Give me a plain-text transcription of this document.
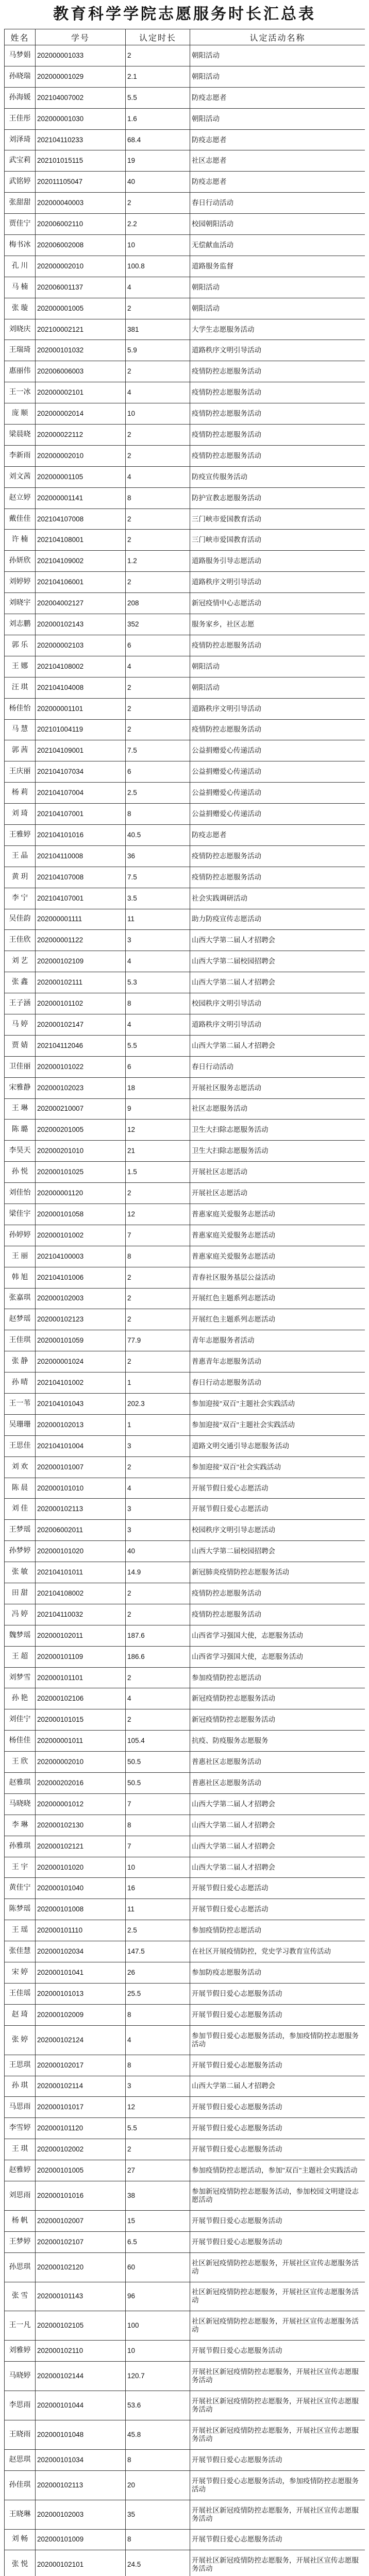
教育科学学院志愿服务时长汇总表
姓名	学号	认定时长	认定活动名称
马梦娟	202000001033	2	朝阳活动
孙晓瑞	202000001029	2.1	朝阳活动
孙海媛	202104007002	5.5	防疫志愿者
王佳彤	202000001030	1.6	朝阳活动
刘泽琦	202104110233	68.4	防疫志愿者
武宝莉	202101015115	19	社区志愿者
武铭婷	202011105047	40	防疫志愿者
张甜甜	202000040003	2	春日行动活动
贾佳宁	202006002110	2.2	校园朝阳活动
梅书冰	202006002008	10	无偿献血活动
孔 川	202000002010	100.8	道路服务监督
马 楠	202006001137	4	朝阳活动
张 璇	202000001005	2	朝阳活动
刘晓庆	202100002121	381	大学生志愿服务活动
王瑞琦	202000101032	5.9	道路秩序文明引导活动
惠丽伟	202006006003	2	疫情防控志愿服务活动
王一冰	202000002101	4	疫情防控志愿服务活动
庞 顺	202000002014	10	疫情防控志愿服务活动
梁晨晓	202000022112	2	疫情防控志愿服务活动
李新雨	202000002010	2	疫情防控志愿服务活动
刘文茜	202000001105	4	防疫宣传服务活动
赵立婷	202000001141	8	防护宣教志愿服务活动
戴佳佳	202104107008	2	三门峡市爱国教育活动
许 楠	202104108001	2	三门峡市爱国教育活动
孙妍欣	202104109002	1.2	道路服务引导志愿活动
刘婷婷	202104106001	2	道路秩序文明引导活动
刘晓宇	202004002127	208	新冠疫情中心志愿活动
刘志鹏	202000102143	352	服务家乡，社区志愿
郭 乐	202000002103	6	疫情防控志愿服务活动
王 娜	202104108002	4	朝阳活动
汪 琪	202104104008	2	朝阳活动
杨佳怡	202000001101	2	道路秩序文明引导活动
马 慧	202101004119	2	疫情防控志愿服务活动
郭 茜	202104109001	7.5	公益捐赠爱心传递活动
王庆丽	202104107034	6	公益捐赠爱心传递活动
杨 莉	202104107004	2.5	公益捐赠爱心传递活动
刘 琦	202104107001	8	公益捐赠爱心传递活动
王雅婷	202104101016	40.5	防疫志愿者
王 晶	202104110008	36	疫情防控志愿服务活动
黄 玥	202104107008	7.5	疫情防控志愿服务活动
李 宁	202104107001	3.5	社会实践调研活动
吴佳韵	202000001111	11	助力防疫宣传志愿活动
王佳欣	202000001122	3	山西大学第二届人才招聘会
刘 艺	202000102109	4	山西大学第二届校园招聘会
张 鑫	202000102111	5.3	山西大学第二届人才招聘会
王子涵	202000101102	8	校园秩序文明引导活动
马 婷	202000102147	4	道路秩序文明引导活动
贾 婧	202104112046	5.5	山西大学第二届人才招聘会
卫佳丽	202000101022	6	春日行动活动
宋雅静	202000102023	18	开展社区服务志愿活动
王 琳	202000210007	9	社区志愿服务活动
陈 璐	202000201005	12	卫生大扫除志愿服务活动
李昊天	202000201010	21	卫生大扫除志愿服务活动
孙 悦	202000101025	1.5	开展社区志愿活动
刘佳怡	202000001120	2	开展社区志愿活动
梁佳宇	202000101058	12	普惠家庭关爱服务志愿活动
孙婷婷	202000101002	7	普惠家庭关爱服务志愿活动
王 丽	202104100003	8	普惠家庭关爱服务志愿活动
韩 旭	202104101006	2	青春社区服务基层公益活动
张嘉琪	202000102003	2	开展红色主题系列志愿活动
赵梦瑶	202000102123	2	开展红色主题系列志愿活动
王佳琪	202000101059	77.9	青年志愿服务者活动
张 静	202000001024	2	普惠青年志愿服务活动
孙 晴	202104101002	1	春日行动志愿服务活动
王一苇	202104101043	202.3	参加迎接"双百"主题社会实践活动
吴珊珊	202000102013	1	参加迎接"双百"主题社会实践活动
王思佳	202104101004	3	道路文明交通引导志愿服务活动
刘 欢	202000101007	2	参加迎接"双百"社会实践活动
陈 晨	202000101010	4	开展节假日爱心志愿活动
刘 佳	202000102113	3	开展节假日爱心志愿活动
王梦瑶	202006002011	3	校园秩序文明引导志愿活动
孙梦婷	202000101020	40	山西大学第二届校园招聘会
张 敏	202104101011	14.9	新冠肺炎疫情防控志愿服务活动
田 甜	202104108002	2	疫情防控志愿服务活动
冯 婷	202104110032	2	疫情防控志愿服务活动
魏梦瑶	202000102011	187.6	山西省学习强国大使，志愿服务活动
王 超	202000101109	186.6	山西省学习强国大使，志愿服务活动
刘梦雪	202000101101	2	参加疫情防控志愿活动
孙 艳	202000102106	4	新冠疫情防控志愿服务活动
刘佳宁	202000101015	2	新冠疫情防控志愿服务活动
杨佳佳	202000001011	105.4	抗疫、防疫服务志愿服务
王 欣	202000002010	50.5	普惠社区志愿服务活动
赵雅琪	202000202016	50.5	普惠社区志愿服务活动
马晓晓	202000001012	7	山西大学第二届人才招聘会
李 琳	202000102130	8	山西大学第二届人才招聘会
孙雅琪	202000102121	7	山西大学第二届人才招聘会
王 宇	202000101020	10	山西大学第二届人才招聘会
黄佳宁	202000101040	16	开展节假日爱心志愿活动
陈梦瑶	202000101008	11	开展节假日爱心志愿活动
王 瑶	202000101110	2.5	参加疫情防控志愿活动
张佳慧	202000102034	147.5	在社区开展疫情防控，党史学习教育宣传活动
宋 婷	202000101041	26	参加防疫志愿服务活动
王佳瑶	202000101013	25.5	开展节假日爱心志愿服务活动
赵 琦	202000102009	8	开展节假日爱心志愿服务活动
张 婷	202000102124	4	参加节假日爱心志愿服务活动，参加疫情防控志愿服务活动
王思琪	202000102017	8	开展节假日爱心志愿服务活动
孙 琪	202000102114	3	山西大学第二届人才招聘会
马思雨	202000101017	12	开展节假日爱心志愿服务活动
李雪婷	202000101120	5.5	开展节假日爱心志愿服务活动
王 琪	202000102002	2	开展节假日爱心志愿服务活动
赵雅婷	202000101005	27	参加疫情防控志愿活动，参加"双百"主题社会实践活动
刘思雨	202000101016	38	参加新冠疫情防控志愿服务活动，参加校园文明建设志愿活动
杨 帆	202000102007	15	开展节假日爱心志愿服务活动
王梦婷	202000102107	6.5	开展节假日爱心志愿服务活动
孙思琪	202000102120	60	社区新冠疫情防控志愿服务，开展社区宣传志愿服务活动
张 雪	202000101143	96	社区新冠疫情防控志愿服务，开展社区宣传志愿服务活动
王一凡	202000102105	100	社区新冠疫情防控志愿服务，开展社区宣传志愿服务活动
刘雅婷	202000102110	10	开展节假日爱心志愿服务活动
马晓婷	202000102144	120.7	开展社区新冠疫情防控志愿服务，开展社区宣传志愿服务活动
李思雨	202000101044	53.6	开展社区新冠疫情防控志愿服务，开展社区宣传志愿服务活动
王晓雨	202000101048	45.8	开展社区新冠疫情防控志愿服务，开展社区宣传志愿服务活动
赵思琪	202000101034	8	开展节假日爱心志愿服务活动
孙佳琪	202000102113	20	开展节假日爱心志愿服务活动，参加疫情防控志愿服务活动
王晓琳	202000102003	35	开展社区新冠疫情防控志愿服务，开展社区宣传志愿服务活动
刘 畅	202000101009	8	开展节假日爱心志愿服务活动
张 悦	202000102101	24.5	开展社区新冠疫情防控志愿服务，开展社区宣传志愿服务活动
